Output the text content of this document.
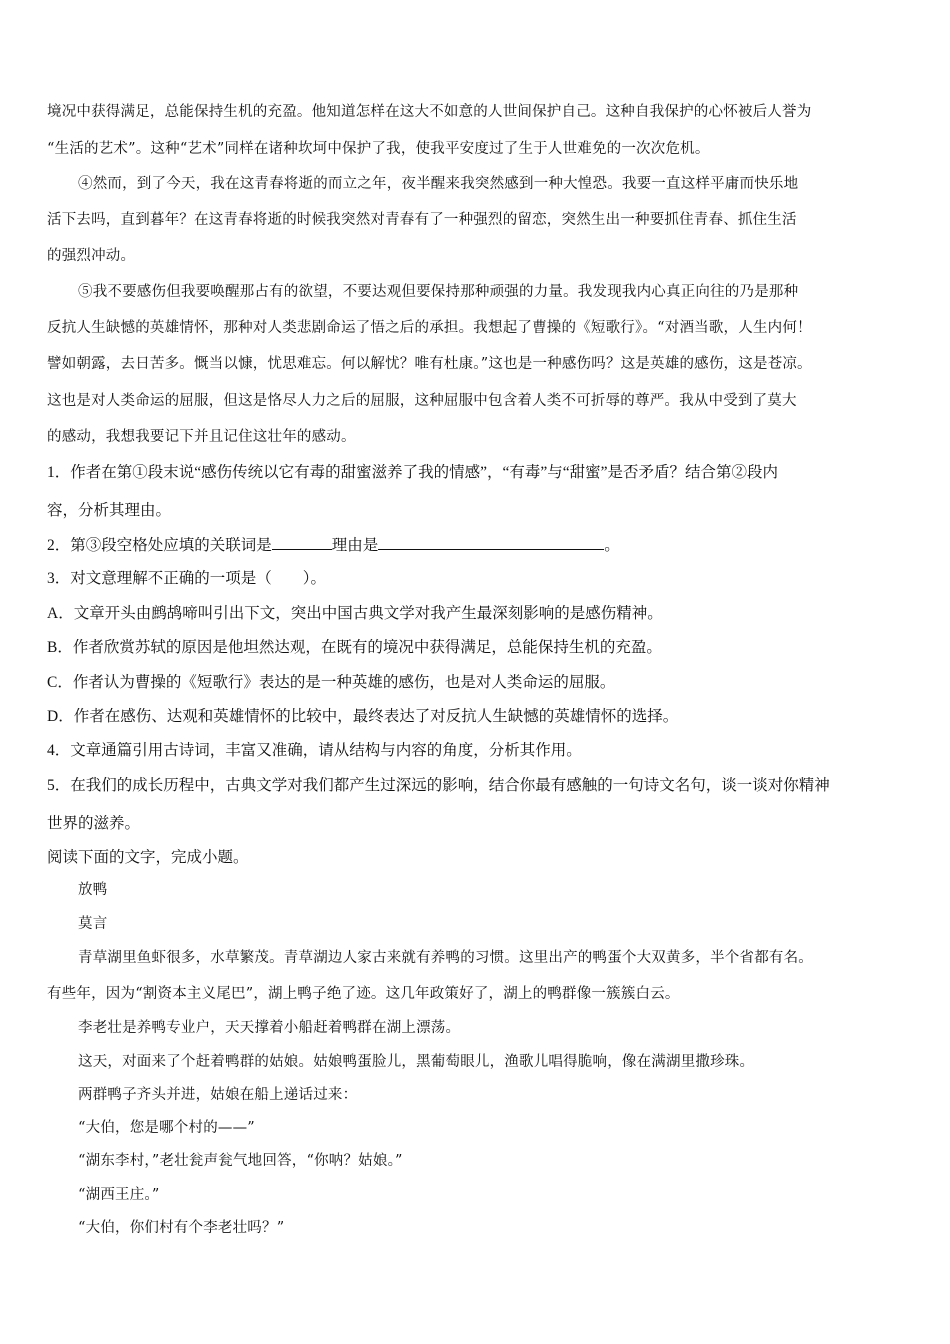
境况中获得满足，总能保持生机的充盈。他知道怎样在这大不如意的人世间保护自己。这种自我保护的心怀被后人誉为

“生活的艺术”。这种“艺术”同样在诸种坎坷中保护了我，使我平安度过了生于人世难免的一次次危机。

④然而，到了今天，我在这青春将逝的而立之年，夜半醒来我突然感到一种大惶恐。我要一直这样平庸而快乐地

活下去吗，直到暮年？在这青春将逝的时候我突然对青春有了一种强烈的留恋，突然生出一种要抓住青春、抓住生活

的强烈冲动。

⑤我不要感伤但我要唤醒那占有的欲望，不要达观但要保持那种顽强的力量。我发现我内心真正向往的乃是那种

反抗人生缺憾的英雄情怀，那种对人类悲剧命运了悟之后的承担。我想起了曹操的《短歌行》。“对酒当歌，人生内何！

譬如朝露，去日苦多。慨当以慷，忧思难忘。何以解忧？唯有杜康。”这也是一种感伤吗？这是英雄的感伤，这是苍凉。

这也是对人类命运的屈服，但这是恪尽人力之后的屈服，这种屈服中包含着人类不可折辱的尊严。我从中受到了莫大

的感动，我想我要记下并且记住这壮年的感动。

1．作者在第①段末说“感伤传统以它有毒的甜蜜滋养了我的情感”，“有毒”与“甜蜜”是否矛盾？结合第②段内

容，分析其理由。

2．第③段空格处应填的关联词是	理由是	。

3．对文意理解不正确的一项是（　　）。

A．文章开头由鹧鸪啼叫引出下文，突出中国古典文学对我产生最深刻影响的是感伤精神。

B．作者欣赏苏轼的原因是他坦然达观，在既有的境况中获得满足，总能保持生机的充盈。

C．作者认为曹操的《短歌行》表达的是一种英雄的感伤，也是对人类命运的屈服。

D．作者在感伤、达观和英雄情怀的比较中，最终表达了对反抗人生缺憾的英雄情怀的选择。

4．文章通篇引用古诗词，丰富又准确，请从结构与内容的角度，分析其作用。

5．在我们的成长历程中，古典文学对我们都产生过深远的影响，结合你最有感触的一句诗文名句，谈一谈对你精神

世界的滋养。

阅读下面的文字，完成小题。

放鸭

莫言

青草湖里鱼虾很多，水草繁茂。青草湖边人家古来就有养鸭的习惯。这里出产的鸭蛋个大双黄多，半个省都有名。

有些年，因为“割资本主义尾巴”，湖上鸭子绝了迹。这几年政策好了，湖上的鸭群像一簇簇白云。

李老壮是养鸭专业户，天天撑着小船赶着鸭群在湖上漂荡。

这天，对面来了个赶着鸭群的姑娘。姑娘鸭蛋脸儿，黑葡萄眼儿，渔歌儿唱得脆响，像在满湖里撒珍珠。

两群鸭子齐头并进，姑娘在船上递话过来：

“大伯，您是哪个村的——”

“湖东李村，”老壮瓮声瓮气地回答，“你呐？姑娘。”

“湖西王庄。”

“大伯，你们村有个李老壮吗？”
